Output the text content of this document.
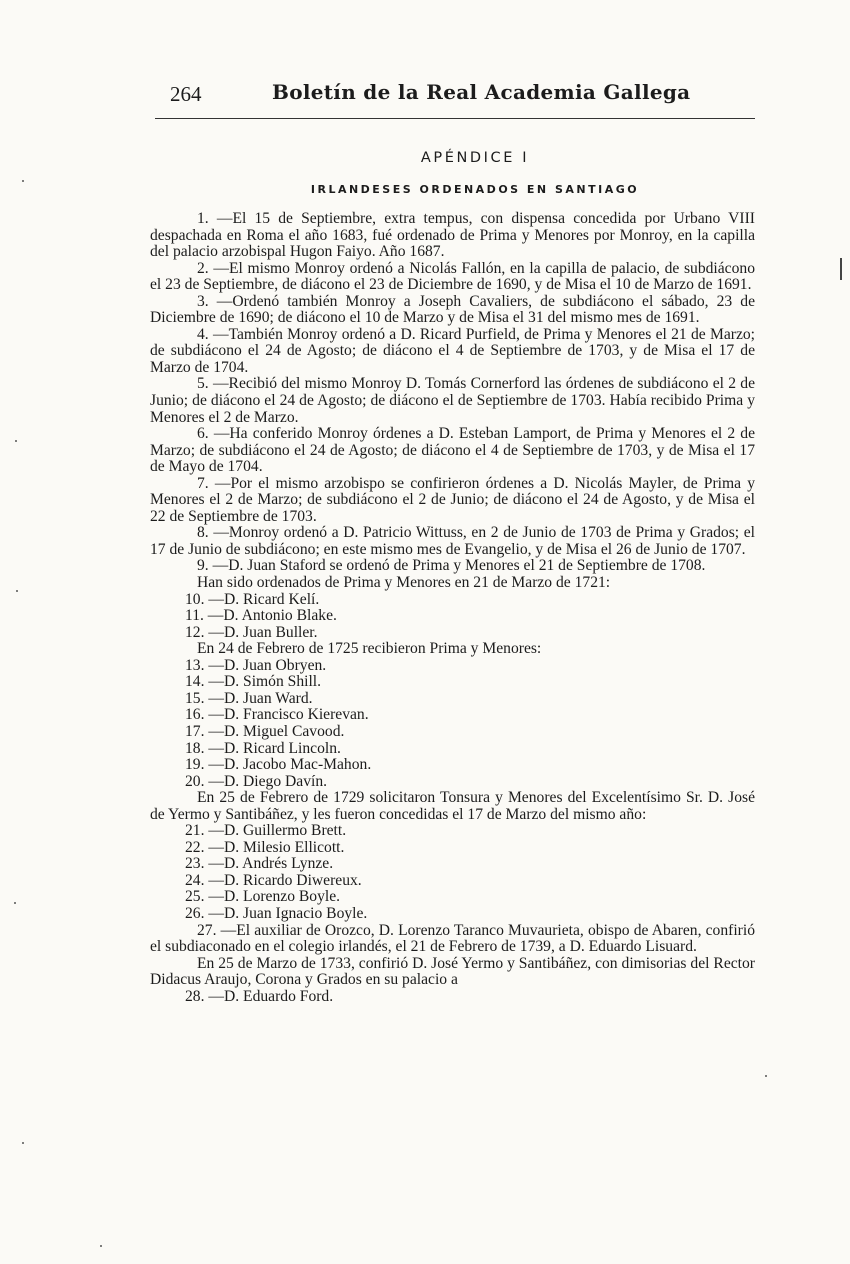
264	Boletín de la Real Academia Gallega
APÉNDICE I
IRLANDESES ORDENADOS EN SANTIAGO

1. —El 15 de Septiembre, extra tempus, con dispensa concedida por Urbano VIII despachada en Roma el año 1683, fué ordenado de Prima y Menores por Monroy, en la capilla del palacio arzobispal Hugon Faiyo. Año 1687.

2. —El mismo Monroy ordenó a Nicolás Fallón, en la capilla de palacio, de subdiácono el 23 de Septiembre, de diácono el 23 de Diciembre de 1690, y de Misa el 10 de Marzo de 1691.

3. —Ordenó también Monroy a Joseph Cavaliers, de subdiácono el sábado, 23 de Diciembre de 1690; de diácono el 10 de Marzo y de Misa el 31 del mismo mes de 1691.

4. —También Monroy ordenó a D. Ricard Purfield, de Prima y Menores el 21 de Marzo; de subdiácono el 24 de Agosto; de diácono el 4 de Septiembre de 1703, y de Misa el 17 de Marzo de 1704.

5. —Recibió del mismo Monroy D. Tomás Cornerford las órdenes de subdiácono el 2 de Junio; de diácono el 24 de Agosto; de diácono el de Septiembre de 1703. Había recibido Prima y Menores el 2 de Marzo.

6. —Ha conferido Monroy órdenes a D. Esteban Lamport, de Prima y Menores el 2 de Marzo; de subdiácono el 24 de Agosto; de diácono el 4 de Septiembre de 1703, y de Misa el 17 de Mayo de 1704.

7. —Por el mismo arzobispo se confirieron órdenes a D. Nicolás Mayler, de Prima y Menores el 2 de Marzo; de subdiácono el 2 de Junio; de diácono el 24 de Agosto, y de Misa el 22 de Septiembre de 1703.

8. —Monroy ordenó a D. Patricio Wittuss, en 2 de Junio de 1703 de Prima y Grados; el 17 de Junio de subdiácono; en este mismo mes de Evangelio, y de Misa el 26 de Junio de 1707.

9. —D. Juan Staford se ordenó de Prima y Menores el 21 de Septiembre de 1708.

Han sido ordenados de Prima y Menores en 21 de Marzo de 1721:

10. —D. Ricard Kelí.

11. —D. Antonio Blake.

12. —D. Juan Buller.

En 24 de Febrero de 1725 recibieron Prima y Menores:

13. —D. Juan Obryen.

14. —D. Simón Shill.

15. —D. Juan Ward.

16. —D. Francisco Kierevan.

17. —D. Miguel Cavood.

18. —D. Ricard Lincoln.

19. —D. Jacobo Mac-Mahon.

20. —D. Diego Davín.

En 25 de Febrero de 1729 solicitaron Tonsura y Menores del Excelentísimo Sr. D. José de Yermo y Santibáñez, y les fueron concedidas el 17 de Marzo del mismo año:

21. —D. Guillermo Brett.

22. —D. Milesio Ellicott.

23. —D. Andrés Lynze.

24. —D. Ricardo Diwereux.

25. —D. Lorenzo Boyle.

26. —D. Juan Ignacio Boyle.

27. —El auxiliar de Orozco, D. Lorenzo Taranco Muvaurieta, obispo de Abaren, confirió el subdiaconado en el colegio irlandés, el 21 de Febrero de 1739, a D. Eduardo Lisuard.

En 25 de Marzo de 1733, confirió D. José Yermo y Santibáñez, con dimisorias del Rector Didacus Araujo, Corona y Grados en su palacio a

28. —D. Eduardo Ford.
